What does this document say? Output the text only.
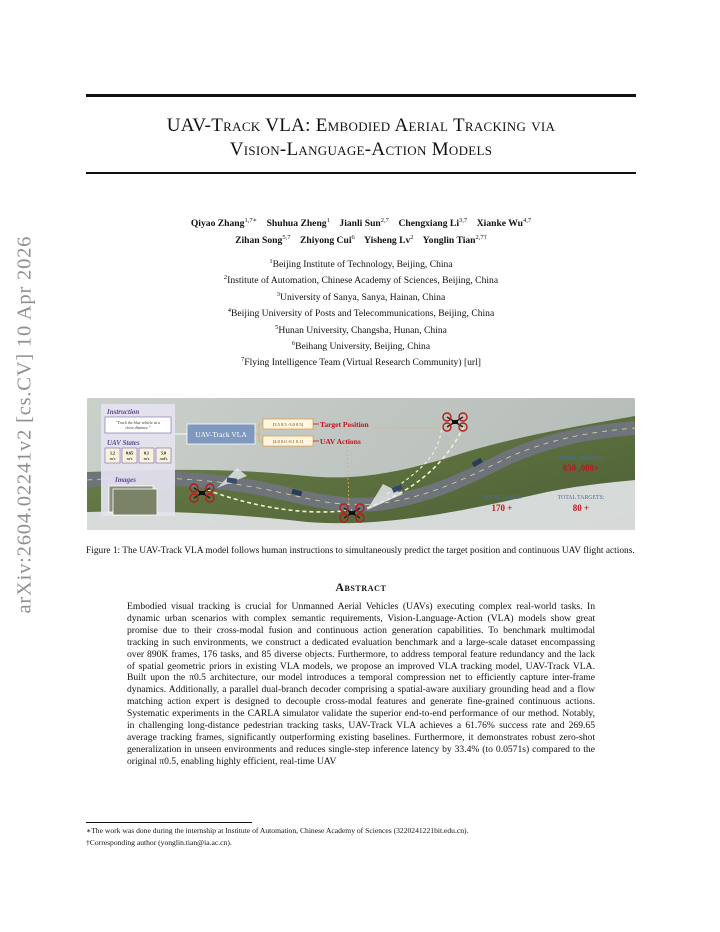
arXiv:2604.02241v2 [cs.CV] 10 Apr 2026
UAV-Track VLA: Embodied Aerial Tracking via
Vision-Language-Action Models
Qiyao Zhang$^{1,7∗}$ Shuhua Zheng$^1$ Jianli Sun$^{2,7}$ Chengxiang Li$^{3,7}$ Xianke Wu$^{4,7}$
Zihan Song$^{5,7}$ Zhiyong Cui$^6$ Yisheng Lv$^2$ Yonglin Tian$^{2,7\dagger}$
$^1$Beijing Institute of Technology, Beijing, China
$^2$Institute of Automation, Chinese Academy of Sciences, Beijing, China
$^3$University of Sanya, Sanya, Hainan, China
$^4$Beijing University of Posts and Telecommunications, Beijing, China
$^5$Hunan University, Changsha, Hunan, China
$^6$Beihang University, Beijing, China
$^7$Flying Intelligence Team (Virtual Research Community) [url]
Instruction
"Track the blue vehicle at a
close distance."
UAV States
1.2
m/s
0.65
m/s
0.1
m/s
5.0
rad/s
Images
UAV-Track VLA
[3.5 0.5 -3.0 0.5]
[4.0 0.0 -0.1 0.1]
Target Position
UAV Actions
TOTAL FRAMES:
850 ,000+
TOTAL TASKS:
170 +
TOTAL TARGETS:
80 +
Figure 1: The UAV-Track VLA model follows human instructions to simultaneously predict the target position and continuous UAV flight actions.
Abstract

Embodied visual tracking is crucial for Unmanned Aerial Vehicles (UAVs) executing complex real-world tasks. In dynamic urban scenarios with complex semantic requirements, Vision-Language-Action (VLA) models show great promise due to their cross-modal fusion and continuous action generation capabilities. To benchmark multimodal tracking in such environments, we construct a dedicated evaluation benchmark and a large-scale dataset encompassing over 890K frames, 176 tasks, and 85 diverse objects. Furthermore, to address temporal feature redundancy and the lack of spatial geometric priors in existing VLA models, we propose an improved VLA tracking model, UAV-Track VLA. Built upon the π0.5 architecture, our model introduces a temporal compression net to efficiently capture inter-frame dynamics. Additionally, a parallel dual-branch decoder comprising a spatial-aware auxiliary grounding head and a flow matching action expert is designed to decouple cross-modal features and generate fine-grained continuous actions. Systematic experiments in the CARLA simulator validate the superior end-to-end performance of our method. Notably, in challenging long-distance pedestrian tracking tasks, UAV-Track VLA achieves a 61.76% success rate and 269.65 average tracking frames, significantly outperforming existing baselines. Furthermore, it demonstrates robust zero-shot generalization in unseen environments and reduces single-step inference latency by 33.4% (to 0.0571s) compared to the original π0.5, enabling highly efficient, real-time UAV

∗The work was done during the internship at Institute of Automation, Chinese Academy of Sciences (3220241221bit.edu.cn).
†Corresponding author (yonglin.tian@ia.ac.cn).
